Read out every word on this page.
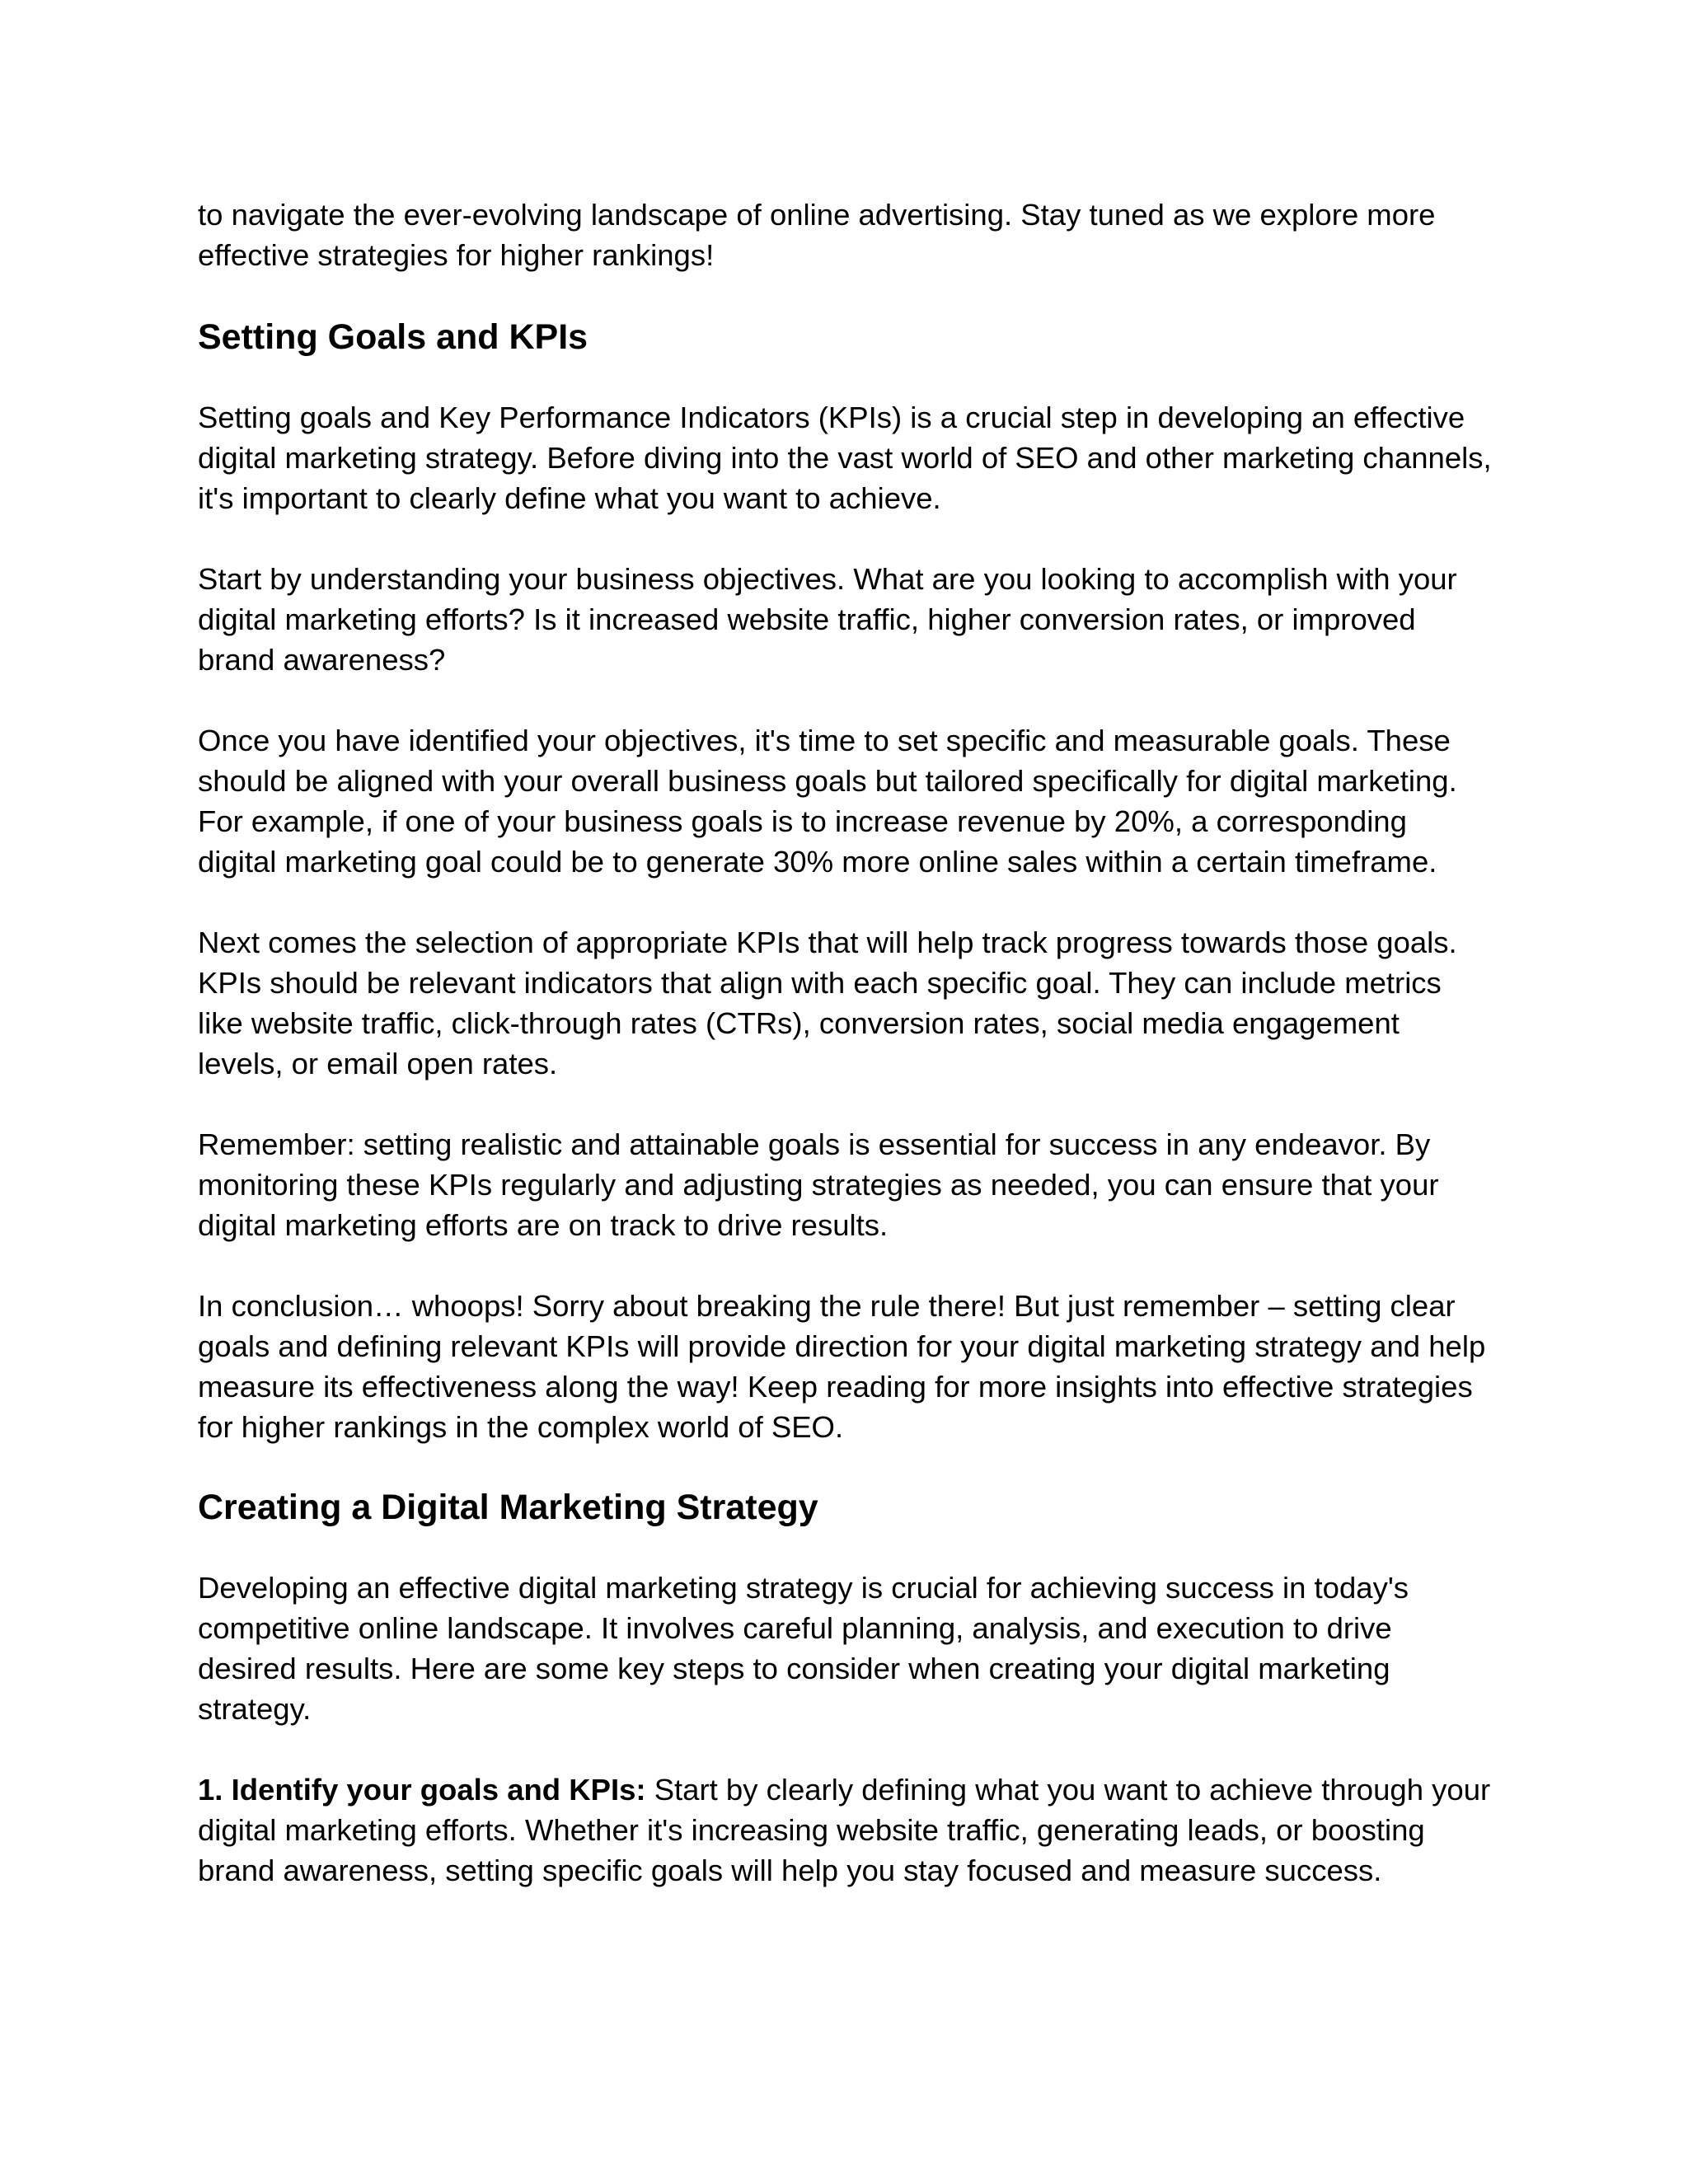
to navigate the ever-evolving landscape of online advertising. Stay tuned as we explore more effective strategies for higher rankings!

Setting Goals and KPIs

Setting goals and Key Performance Indicators (KPIs) is a crucial step in developing an effective digital marketing strategy. Before diving into the vast world of SEO and other marketing channels, it's important to clearly define what you want to achieve.

Start by understanding your business objectives. What are you looking to accomplish with your digital marketing efforts? Is it increased website traffic, higher conversion rates, or improved brand awareness?

Once you have identified your objectives, it's time to set specific and measurable goals. These should be aligned with your overall business goals but tailored specifically for digital marketing. For example, if one of your business goals is to increase revenue by 20%, a corresponding digital marketing goal could be to generate 30% more online sales within a certain timeframe.

Next comes the selection of appropriate KPIs that will help track progress towards those goals. KPIs should be relevant indicators that align with each specific goal. They can include metrics like website traffic, click-through rates (CTRs), conversion rates, social media engagement levels, or email open rates.

Remember: setting realistic and attainable goals is essential for success in any endeavor. By monitoring these KPIs regularly and adjusting strategies as needed, you can ensure that your digital marketing efforts are on track to drive results.

In conclusion… whoops! Sorry about breaking the rule there! But just remember – setting clear goals and defining relevant KPIs will provide direction for your digital marketing strategy and help measure its effectiveness along the way! Keep reading for more insights into effective strategies for higher rankings in the complex world of SEO.

Creating a Digital Marketing Strategy

Developing an effective digital marketing strategy is crucial for achieving success in today's competitive online landscape. It involves careful planning, analysis, and execution to drive desired results. Here are some key steps to consider when creating your digital marketing strategy.

1. Identify your goals and KPIs: Start by clearly defining what you want to achieve through your digital marketing efforts. Whether it's increasing website traffic, generating leads, or boosting brand awareness, setting specific goals will help you stay focused and measure success.
